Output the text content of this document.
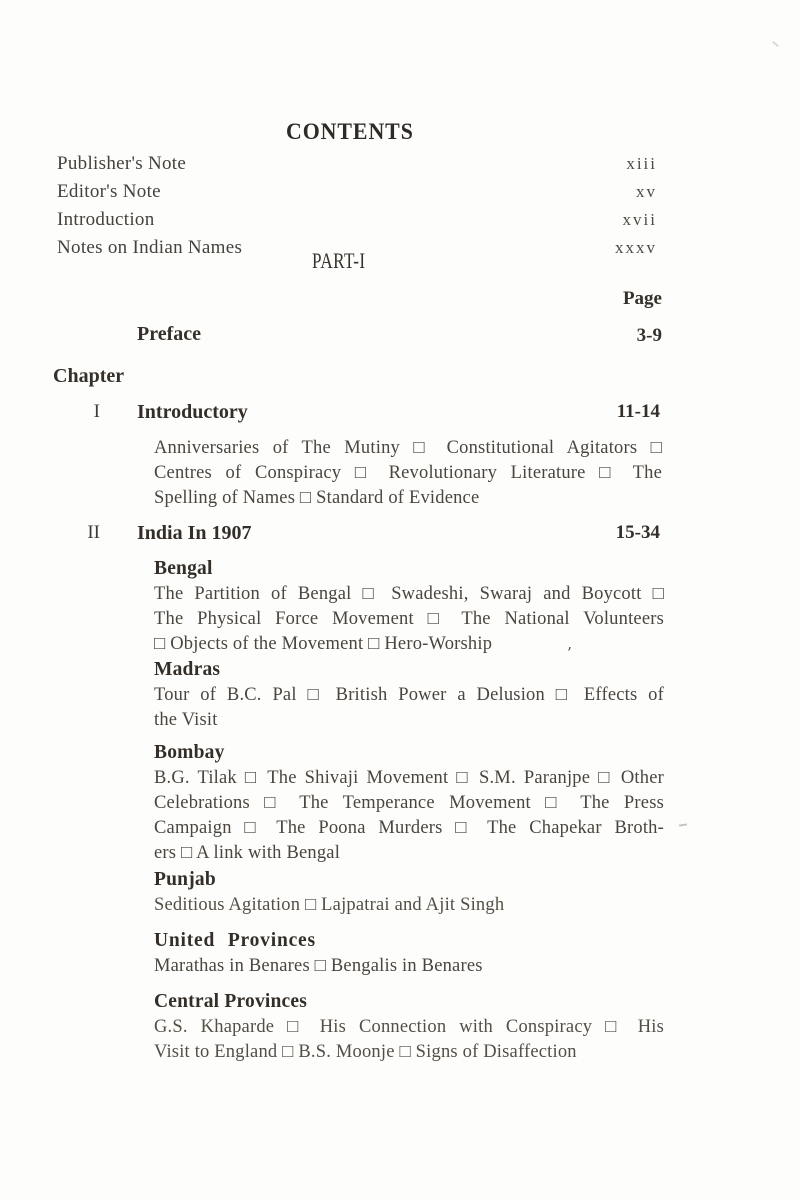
CONTENTS
Publisher's Note	xiii
Editor's Note	xv
Introduction	xvii
Notes on Indian Names	xxxv
PART-I
Page
Preface	3-9
Chapter
I Introductory	11-14
Anniversaries of The Mutiny □ Constitutional Agitators □
Centres of Conspiracy □ Revolutionary Literature □ The
Spelling of Names □ Standard of Evidence
II India In 1907	15-34
Bengal
The Partition of Bengal □ Swadeshi, Swaraj and Boycott □
The Physical Force Movement □ The National Volunteers
□ Objects of the Movement □ Hero-Worship
Madras
Tour of B.C. Pal □ British Power a Delusion □ Effects of
the Visit
Bombay
B.G. Tilak □ The Shivaji Movement □ S.M. Paranjpe □ Other
Celebrations □ The Temperance Movement □ The Press
Campaign □ The Poona Murders □ The Chapekar Broth-
ers □ A link with Bengal
Punjab
Seditious Agitation □ Lajpatrai and Ajit Singh
United Provinces
Marathas in Benares □ Bengalis in Benares
Central Provinces
G.S. Khaparde □ His Connection with Conspiracy □ His
Visit to England □ B.S. Moonje □ Signs of Disaffection
’
